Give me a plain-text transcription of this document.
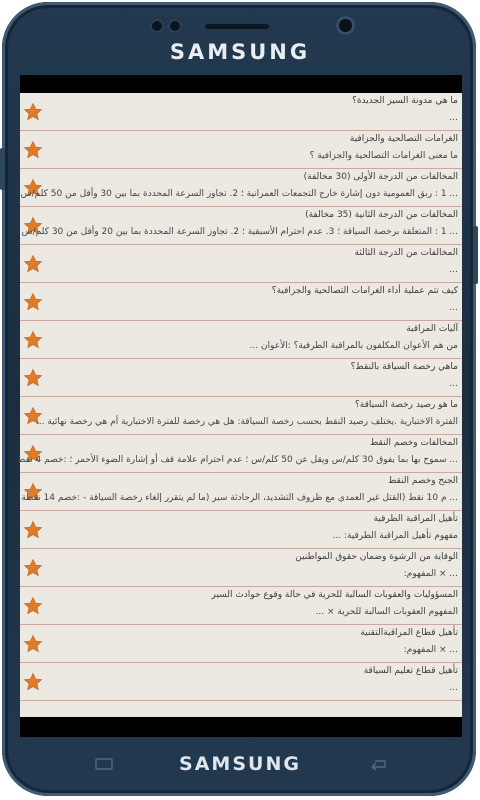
SAMSUNG
ما هي مدونة السير الجديدة؟
...
الغرامات التصالحية والجزافية
ما معنى الغرامات التصالحية والجزافية ؟
المخالفات من الدرجة الأولى (30 مخالفة)
... 1 : ربق العمومية دون إشارة خارج التجمعات العمرانية ؛ 2. تجاوز السرعة المحددة بما بين 30 وأقل من 50 كلم/س ؛
المخالفات من الدرجة الثانية (35 مخالفة)
... 1 : المتعلقة برخصة السياقة ؛ 3. عدم احترام الأسبقية ؛ 2. تجاوز السرعة المحددة بما بين 20 وأقل من 30 كلم/س ؛
المخالفات من الدرجة الثالثة
...
كيف تتم عملية أداء الغرامات التصالحية والجزافية؟
...
آليات المراقبة
من هم الأعوان المكلفون بالمراقبة الطرقية؟ :الأعوان ...
ماهي رخصة السياقة بالنقط؟
...
ما هو رصيد رخصة السياقة؟
الفترة الاختبارية .يختلف رصيد النقط بحسب رخصة السياقة: هل هي رخصة للفترة الاختبارية أم هي رخصة نهائية ...
المخالفات وخصم النقط
... سموح بها بما يفوق 30 كلم/س ويقل عن 50 كلم/س ؛ عدم احترام علامة قف أو إشارة الضوء الأحمر ؛ :خصم 4 نقط
الجنح وخصم النقط
... م 10 نقط (القتل غير العمدي مع ظروف التشديد، الرحادثة سير (ما لم يتقرر إلغاء رخصة السياقة - :خصم 14 نقطة
تأهيل المراقبة الطرقية
مفهوم تأهيل المراقبة الطرقية: ...
الوقاية من الرشوة وضمان حقوق المواطنين
... × المفهوم:
المسؤوليات والعقوبات السالبة للحرية في حالة وقوع حوادث السير
المفهوم العقوبات السالبة للحرية × ...
تأهيل قطاع المراقبةالتقنية
... × المفهوم:
تأهيل قطاع تعليم السياقة
...
SAMSUNG
